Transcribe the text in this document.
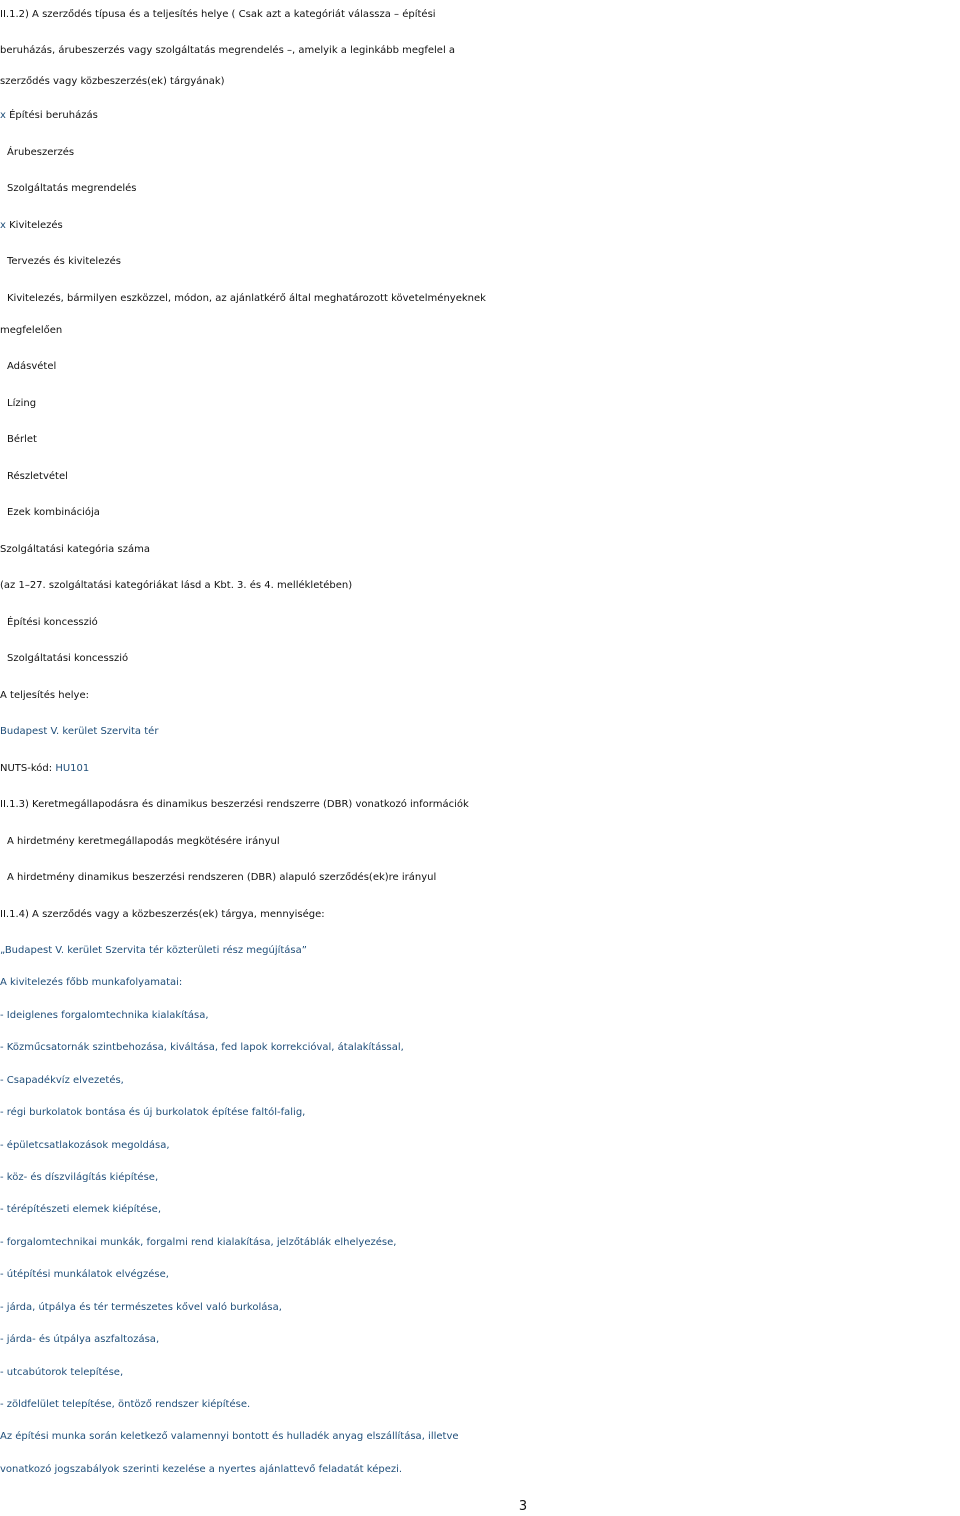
II.1.2) A szerződés típusa és a teljesítés helye ( Csak azt a kategóriát válassza – építési
beruházás, árubeszerzés vagy szolgáltatás megrendelés –, amelyik a leginkább megfelel a
szerződés vagy közbeszerzés(ek) tárgyának)
x Építési beruházás
Árubeszerzés
Szolgáltatás megrendelés
x Kivitelezés
Tervezés és kivitelezés
Kivitelezés, bármilyen eszközzel, módon, az ajánlatkérő által meghatározott követelményeknek
megfelelően
Adásvétel
Lízing
Bérlet
Részletvétel
Ezek kombinációja
Szolgáltatási kategória száma
(az 1–27. szolgáltatási kategóriákat lásd a Kbt. 3. és 4. mellékletében)
Építési koncesszió
Szolgáltatási koncesszió
A teljesítés helye:
Budapest V. kerület Szervita tér
NUTS-kód: HU101
II.1.3) Keretmegállapodásra és dinamikus beszerzési rendszerre (DBR) vonatkozó információk
A hirdetmény keretmegállapodás megkötésére irányul
A hirdetmény dinamikus beszerzési rendszeren (DBR) alapuló szerződés(ek)re irányul
II.1.4) A szerződés vagy a közbeszerzés(ek) tárgya, mennyisége:
„Budapest V. kerület Szervita tér közterületi rész megújítása”
A kivitelezés főbb munkafolyamatai:
- Ideiglenes forgalomtechnika kialakítása,
- Közműcsatornák szintbehozása, kiváltása, fed lapok korrekcióval, átalakítással,
- Csapadékvíz elvezetés,
- régi burkolatok bontása és új burkolatok építése faltól-falig,
- épületcsatlakozások megoldása,
- köz- és díszvilágítás kiépítése,
- térépítészeti elemek kiépítése,
- forgalomtechnikai munkák, forgalmi rend kialakítása, jelzőtáblák elhelyezése,
- útépítési munkálatok elvégzése,
- járda, útpálya és tér természetes kővel való burkolása,
- járda- és útpálya aszfaltozása,
- utcabútorok telepítése,
- zöldfelület telepítése, öntöző rendszer kiépítése.
Az építési munka során keletkező valamennyi bontott és hulladék anyag elszállítása, illetve
vonatkozó jogszabályok szerinti kezelése a nyertes ajánlattevő feladatát képezi.
3
